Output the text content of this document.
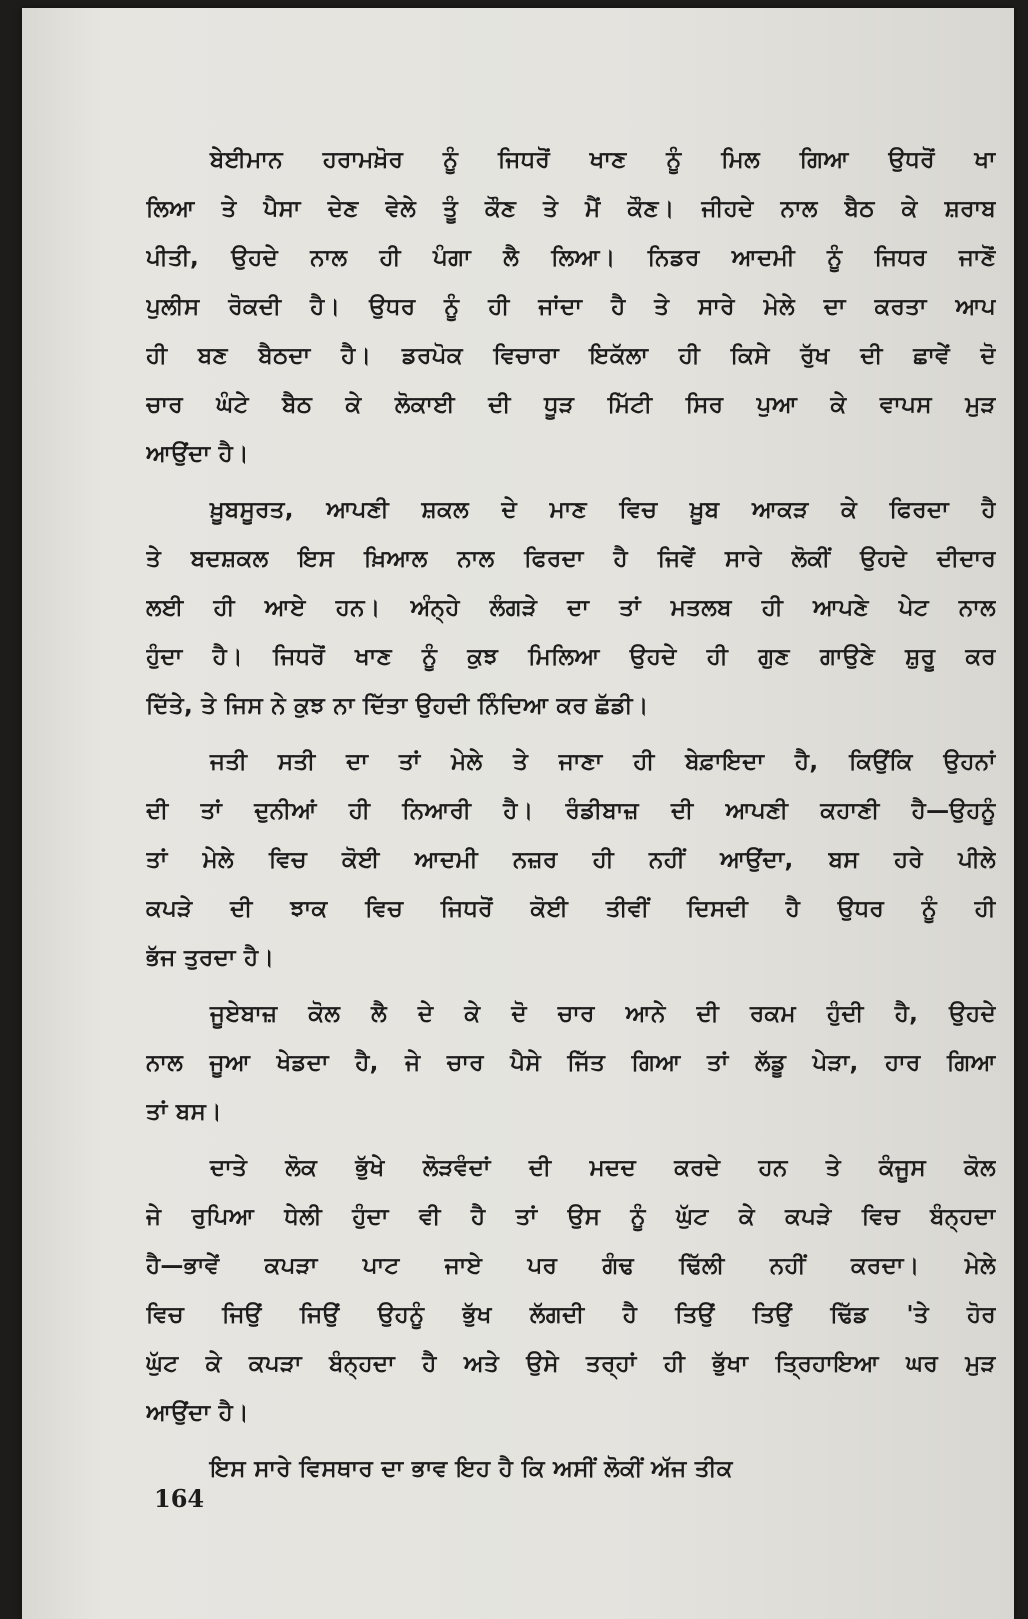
ਬੇਈਮਾਨ ਹਰਾਮਖ਼ੋਰ ਨੂੰ ਜਿਧਰੋਂ ਖਾਣ ਨੂੰ ਮਿਲ ਗਿਆ ਉਧਰੋਂ ਖਾ
ਲਿਆ ਤੇ ਪੈਸਾ ਦੇਣ ਵੇਲੇ ਤੂੰ ਕੌਣ ਤੇ ਮੈਂ ਕੌਣ। ਜੀਹਦੇ ਨਾਲ ਬੈਠ ਕੇ ਸ਼ਰਾਬ
ਪੀਤੀ, ਉਹਦੇ ਨਾਲ ਹੀ ਪੰਗਾ ਲੈ ਲਿਆ। ਨਿਡਰ ਆਦਮੀ ਨੂੰ ਜਿਧਰ ਜਾਣੋਂ
ਪੁਲੀਸ ਰੋਕਦੀ ਹੈ। ਉਧਰ ਨੂੰ ਹੀ ਜਾਂਦਾ ਹੈ ਤੇ ਸਾਰੇ ਮੇਲੇ ਦਾ ਕਰਤਾ ਆਪ
ਹੀ ਬਣ ਬੈਠਦਾ ਹੈ। ਡਰਪੋਕ ਵਿਚਾਰਾ ਇਕੱਲਾ ਹੀ ਕਿਸੇ ਰੁੱਖ ਦੀ ਛਾਵੇਂ ਦੋ
ਚਾਰ ਘੰਟੇ ਬੈਠ ਕੇ ਲੋਕਾਈ ਦੀ ਧੂੜ ਮਿੱਟੀ ਸਿਰ ਪੁਆ ਕੇ ਵਾਪਸ ਮੁੜ
ਆਉਂਦਾ ਹੈ।
ਖ਼ੂਬਸੂਰਤ, ਆਪਣੀ ਸ਼ਕਲ ਦੇ ਮਾਣ ਵਿਚ ਖ਼ੂਬ ਆਕੜ ਕੇ ਫਿਰਦਾ ਹੈ
ਤੇ ਬਦਸ਼ਕਲ ਇਸ ਖ਼ਿਆਲ ਨਾਲ ਫਿਰਦਾ ਹੈ ਜਿਵੇਂ ਸਾਰੇ ਲੋਕੀਂ ਉਹਦੇ ਦੀਦਾਰ
ਲਈ ਹੀ ਆਏ ਹਨ। ਅੰਨ੍ਹੇ ਲੰਗੜੇ ਦਾ ਤਾਂ ਮਤਲਬ ਹੀ ਆਪਣੇ ਪੇਟ ਨਾਲ
ਹੁੰਦਾ ਹੈ। ਜਿਧਰੋਂ ਖਾਣ ਨੂੰ ਕੁਝ ਮਿਲਿਆ ਉਹਦੇ ਹੀ ਗੁਣ ਗਾਉਣੇ ਸ਼ੁਰੂ ਕਰ
ਦਿੱਤੇ, ਤੇ ਜਿਸ ਨੇ ਕੁਝ ਨਾ ਦਿੱਤਾ ਉਹਦੀ ਨਿੰਦਿਆ ਕਰ ਛੱਡੀ।
ਜਤੀ ਸਤੀ ਦਾ ਤਾਂ ਮੇਲੇ ਤੇ ਜਾਣਾ ਹੀ ਬੇਫ਼ਾਇਦਾ ਹੈ, ਕਿਉਂਕਿ ਉਹਨਾਂ
ਦੀ ਤਾਂ ਦੁਨੀਆਂ ਹੀ ਨਿਆਰੀ ਹੈ। ਰੰਡੀਬਾਜ਼ ਦੀ ਆਪਣੀ ਕਹਾਣੀ ਹੈ—ਉਹਨੂੰ
ਤਾਂ ਮੇਲੇ ਵਿਚ ਕੋਈ ਆਦਮੀ ਨਜ਼ਰ ਹੀ ਨਹੀਂ ਆਉਂਦਾ, ਬਸ ਹਰੇ ਪੀਲੇ
ਕਪੜੇ ਦੀ ਝਾਕ ਵਿਚ ਜਿਧਰੋਂ ਕੋਈ ਤੀਵੀਂ ਦਿਸਦੀ ਹੈ ਉਧਰ ਨੂੰ ਹੀ
ਭੱਜ ਤੁਰਦਾ ਹੈ।
ਜੂਏਬਾਜ਼ ਕੋਲ ਲੈ ਦੇ ਕੇ ਦੋ ਚਾਰ ਆਨੇ ਦੀ ਰਕਮ ਹੁੰਦੀ ਹੈ, ਉਹਦੇ
ਨਾਲ ਜੂਆ ਖੇਡਦਾ ਹੈ, ਜੇ ਚਾਰ ਪੈਸੇ ਜਿੱਤ ਗਿਆ ਤਾਂ ਲੱਡੂ ਪੇੜਾ, ਹਾਰ ਗਿਆ
ਤਾਂ ਬਸ।
ਦਾਤੇ ਲੋਕ ਭੁੱਖੇ ਲੋੜਵੰਦਾਂ ਦੀ ਮਦਦ ਕਰਦੇ ਹਨ ਤੇ ਕੰਜੂਸ ਕੋਲ
ਜੇ ਰੁਪਿਆ ਧੇਲੀ ਹੁੰਦਾ ਵੀ ਹੈ ਤਾਂ ਉਸ ਨੂੰ ਘੁੱਟ ਕੇ ਕਪੜੇ ਵਿਚ ਬੰਨ੍ਹਦਾ
ਹੈ—ਭਾਵੇਂ ਕਪੜਾ ਪਾਟ ਜਾਏ ਪਰ ਗੰਢ ਢਿੱਲੀ ਨਹੀਂ ਕਰਦਾ। ਮੇਲੇ
ਵਿਚ ਜਿਉਂ ਜਿਉਂ ਉਹਨੂੰ ਭੁੱਖ ਲੱਗਦੀ ਹੈ ਤਿਉਂ ਤਿਉਂ ਢਿੱਡ 'ਤੇ ਹੋਰ
ਘੁੱਟ ਕੇ ਕਪੜਾ ਬੰਨ੍ਹਦਾ ਹੈ ਅਤੇ ਉਸੇ ਤਰ੍ਹਾਂ ਹੀ ਭੁੱਖਾ ਤ੍ਰਿਹਾਇਆ ਘਰ ਮੁੜ
ਆਉਂਦਾ ਹੈ।
ਇਸ ਸਾਰੇ ਵਿਸਥਾਰ ਦਾ ਭਾਵ ਇਹ ਹੈ ਕਿ ਅਸੀਂ ਲੋਕੀਂ ਅੱਜ ਤੀਕ
164
